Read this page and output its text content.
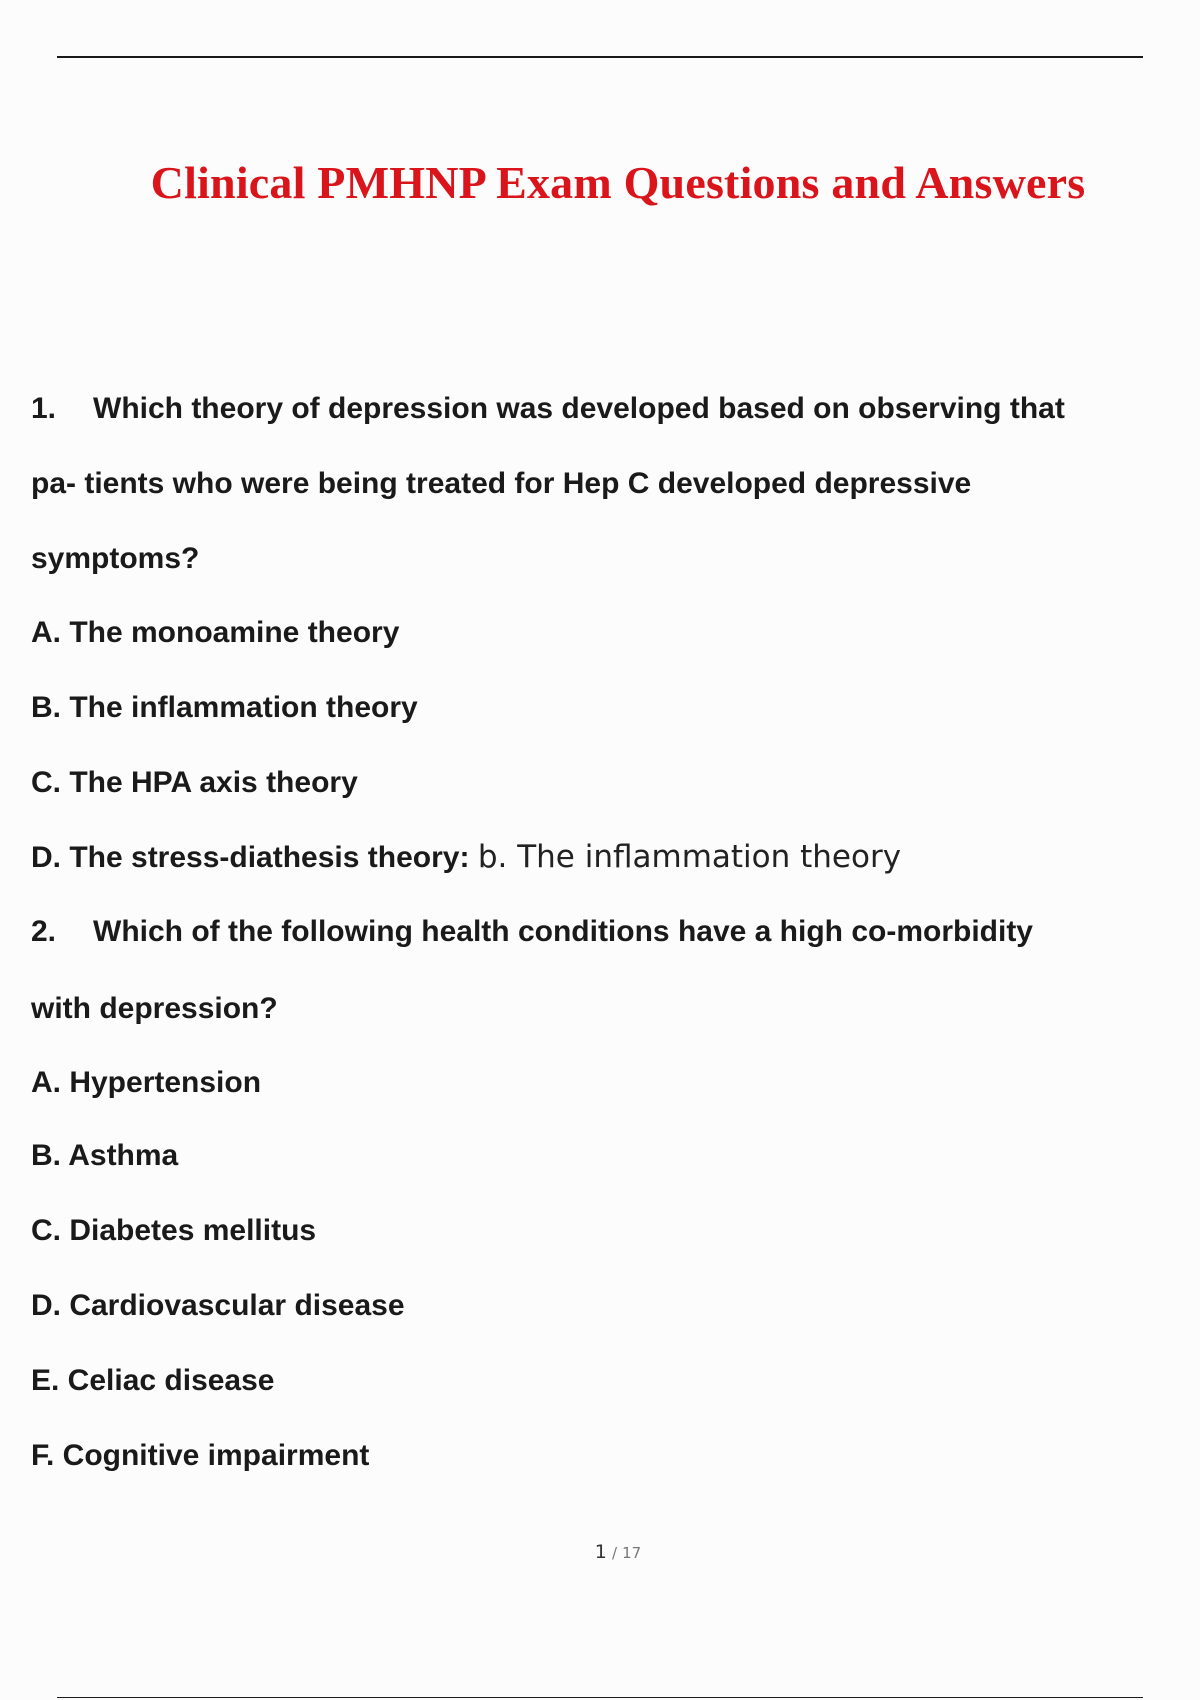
Clinical PMHNP Exam Questions and Answers
1. Which theory of depression was developed based on observing that
pa- tients who were being treated for Hep C developed depressive
symptoms?
A. The monoamine theory
B. The inflammation theory
C. The HPA axis theory
D. The stress-diathesis theory: b. The inflammation theory
2. Which of the following health conditions have a high co-morbidity
with depression?
A. Hypertension
B. Asthma
C. Diabetes mellitus
D. Cardiovascular disease
E. Celiac disease
F. Cognitive impairment
1 / 17
